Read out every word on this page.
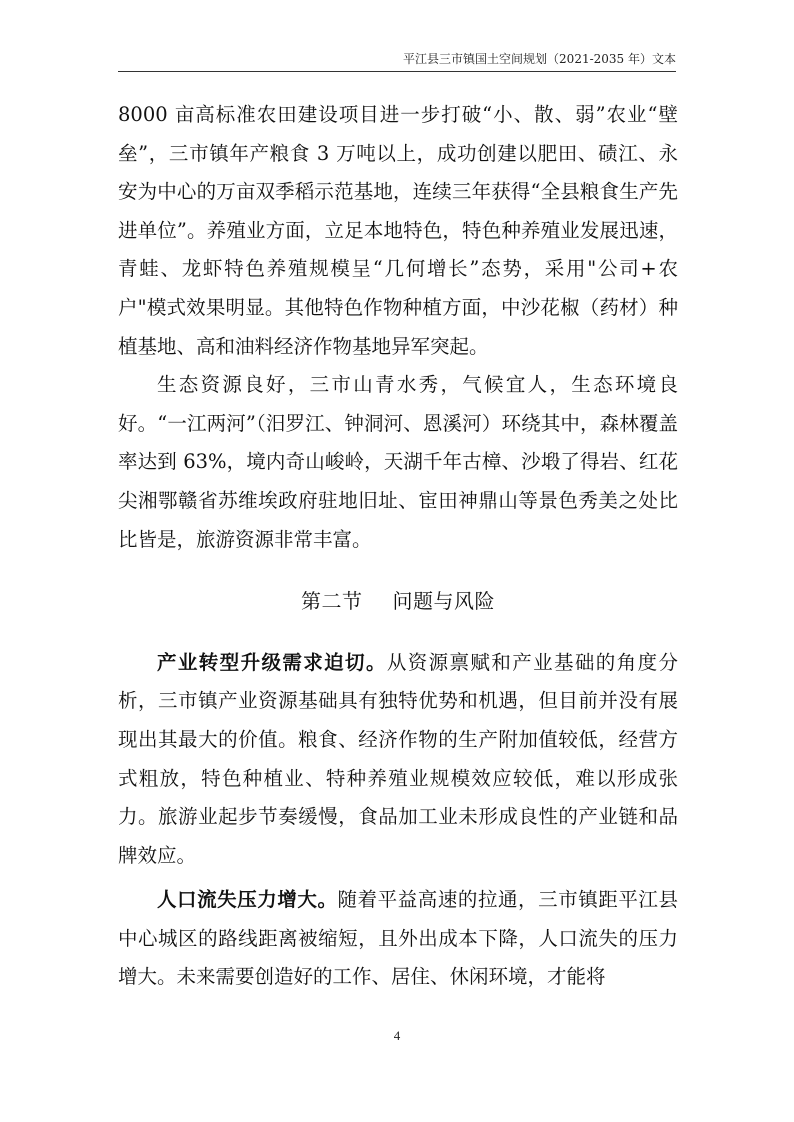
平江县三市镇国土空间规划（2021-2035 年）文本

8000 亩高标准农田建设项目进一步打破“小、散、弱”农业“壁垒”，三市镇年产粮食 3 万吨以上，成功创建以肥田、碛江、永安为中心的万亩双季稻示范基地，连续三年获得“全县粮食生产先进单位”。养殖业方面，立足本地特色，特色种养殖业发展迅速，青蛙、龙虾特色养殖规模呈“几何增长”态势，采用"公司+农户"模式效果明显。其他特色作物种植方面，中沙花椒（药材）种植基地、高和油料经济作物基地异军突起。

生态资源良好，三市山青水秀，气候宜人，生态环境良好。“一江两河”（汨罗江、钟洞河、恩溪河）环绕其中，森林覆盖率达到 63%，境内奇山峻岭，天湖千年古樟、沙塅了得岩、红花尖湘鄂赣省苏维埃政府驻地旧址、宦田神鼎山等景色秀美之处比比皆是，旅游资源非常丰富。

第二节 问题与风险

产业转型升级需求迫切。从资源禀赋和产业基础的角度分析，三市镇产业资源基础具有独特优势和机遇，但目前并没有展现出其最大的价值。粮食、经济作物的生产附加值较低，经营方式粗放，特色种植业、特种养殖业规模效应较低，难以形成张力。旅游业起步节奏缓慢，食品加工业未形成良性的产业链和品牌效应。

人口流失压力增大。随着平益高速的拉通，三市镇距平江县中心城区的路线距离被缩短，且外出成本下降，人口流失的压力增大。未来需要创造好的工作、居住、休闲环境，才能将

4
